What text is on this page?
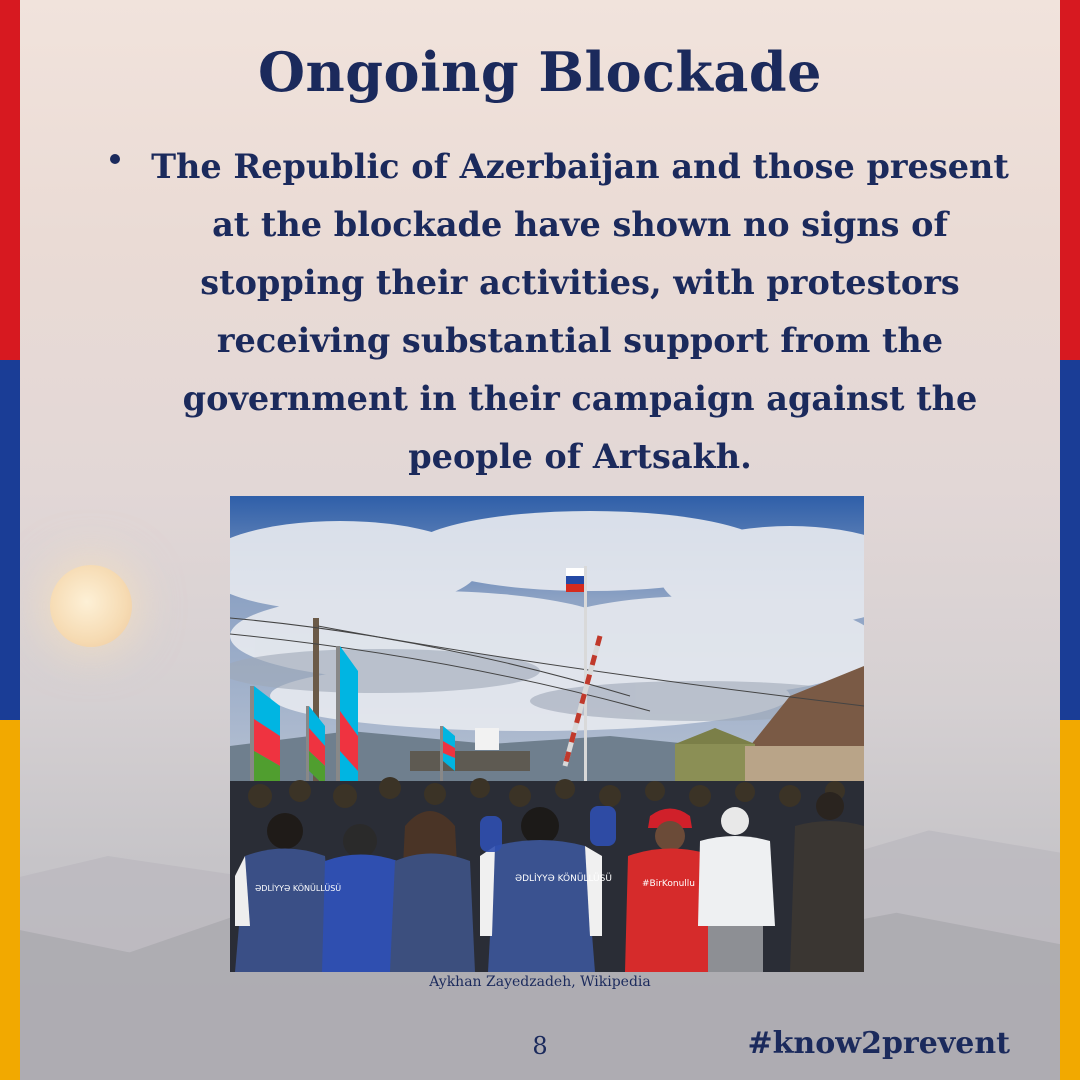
Ongoing Blockade
The Republic of Azerbaijan and those present at the blockade have shown no signs of stopping their activities, with protestors receiving substantial support from the government in their campaign against the people of Artsakh.
ƏDLİYYƏ KÖNÜLLÜSÜ	#BirKonullu
ƏDLİYYƏ KÖNÜLLÜSÜ
Aykhan Zayedzadeh, Wikipedia
8	#know2prevent
